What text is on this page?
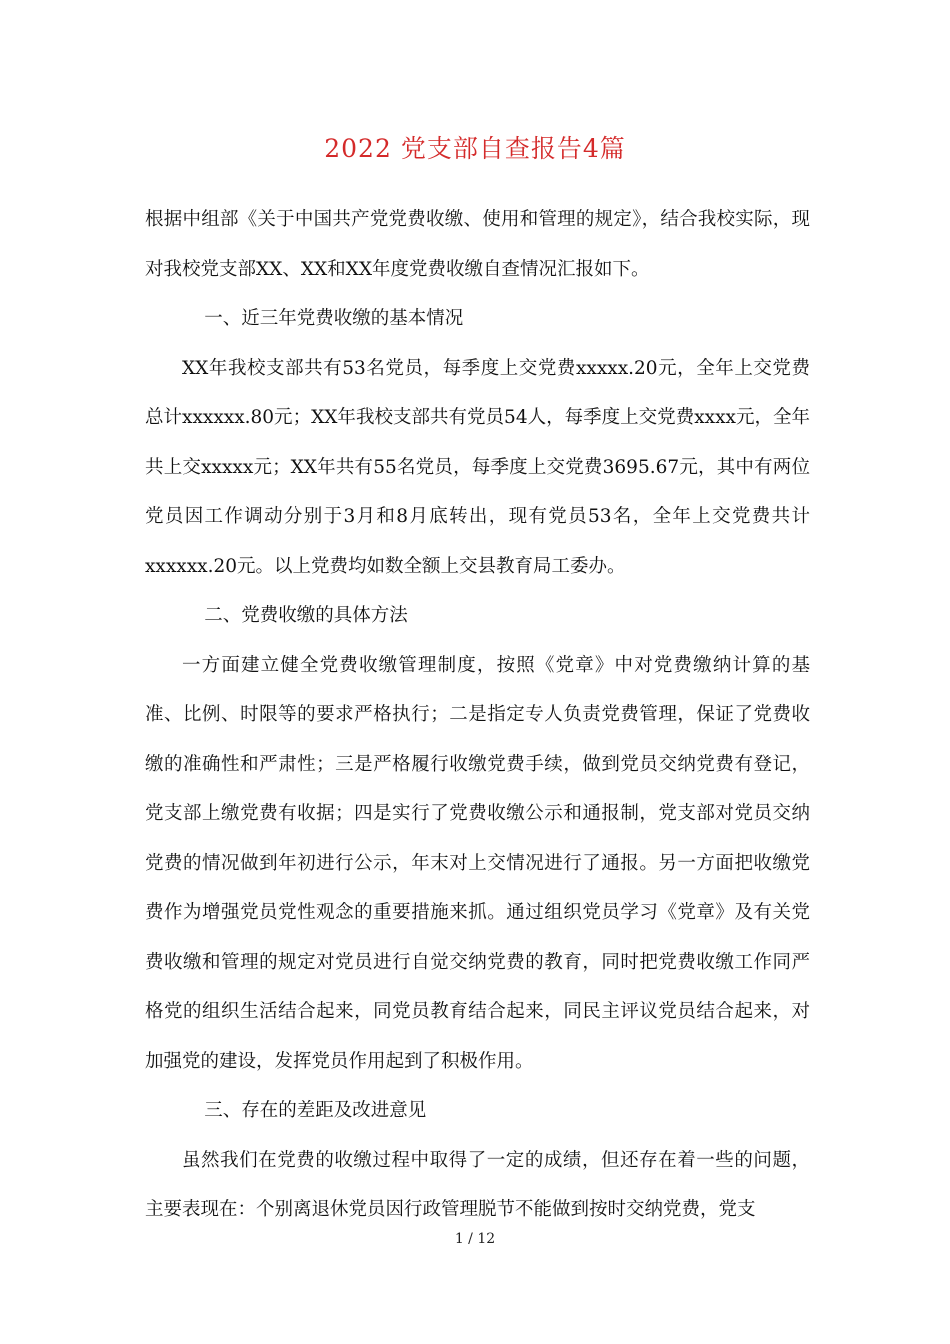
2022 党支部自查报告4篇

根据中组部《关于中国共产党党费收缴、使用和管理的规定》，结合我校实际，现对我校党支部XX、XX和XX年度党费收缴自查情况汇报如下。

一、近三年党费收缴的基本情况

XX年我校支部共有53名党员，每季度上交党费xxxxx.20元，全年上交党费总计xxxxxx.80元；XX年我校支部共有党员54人，每季度上交党费xxxx元，全年共上交xxxxx元；XX年共有55名党员，每季度上交党费3695.67元，其中有两位党员因工作调动分别于3月和8月底转出，现有党员53名，全年上交党费共计xxxxxx.20元。以上党费均如数全额上交县教育局工委办。

二、党费收缴的具体方法

一方面建立健全党费收缴管理制度，按照《党章》中对党费缴纳计算的基准、比例、时限等的要求严格执行；二是指定专人负责党费管理，保证了党费收缴的准确性和严肃性；三是严格履行收缴党费手续，做到党员交纳党费有登记，党支部上缴党费有收据；四是实行了党费收缴公示和通报制，党支部对党员交纳党费的情况做到年初进行公示，年末对上交情况进行了通报。另一方面把收缴党费作为增强党员党性观念的重要措施来抓。通过组织党员学习《党章》及有关党费收缴和管理的规定对党员进行自觉交纳党费的教育，同时把党费收缴工作同严格党的组织生活结合起来，同党员教育结合起来，同民主评议党员结合起来，对加强党的建设，发挥党员作用起到了积极作用。

三、存在的差距及改进意见

虽然我们在党费的收缴过程中取得了一定的成绩，但还存在着一些的问题，主要表现在：个别离退休党员因行政管理脱节不能做到按时交纳党费，党支

1 / 12
